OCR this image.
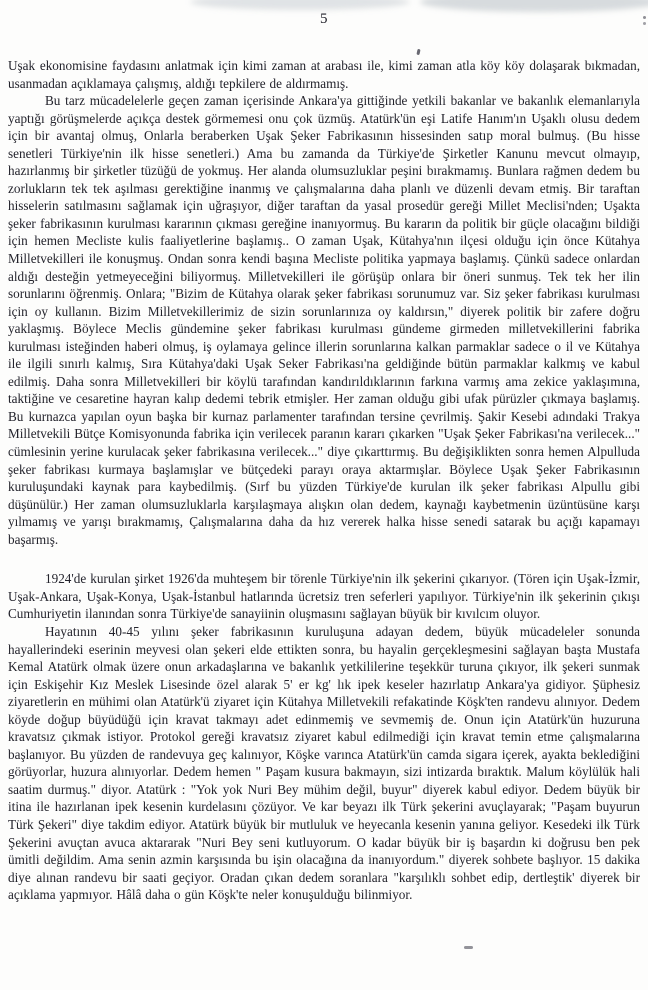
5

Uşak ekonomisine faydasını anlatmak için kimi zaman at arabası ile, kimi zaman atla köy köy dolaşarak bıkmadan, usanmadan açıklamaya çalışmış, aldığı tepkilere de aldırmamış.

Bu tarz mücadelelerle geçen zaman içerisinde Ankara'ya gittiğinde yetkili bakanlar ve bakanlık elemanlarıyla yaptığı görüşmelerde açıkça destek görmemesi onu çok üzmüş. Atatürk'ün eşi Latife Hanım'ın Uşaklı olusu dedem için bir avantaj olmuş, Onlarla beraberken Uşak Şeker Fabrikasının hissesinden satıp moral bulmuş. (Bu hisse senetleri Türkiye'nin ilk hisse senetleri.) Ama bu zamanda da Türkiye'de Şirketler Kanunu mevcut olmayıp, hazırlanmış bir şirketler tüzüğü de yokmuş. Her alanda olumsuzluklar peşini bırakmamış. Bunlara rağmen dedem bu zorlukların tek tek aşılması gerektiğine inanmış ve çalışmalarına daha planlı ve düzenli devam etmiş. Bir taraftan hisselerin satılmasını sağlamak için uğraşıyor, diğer taraftan da yasal prosedür gereği Millet Meclisi'nden; Uşakta şeker fabrikasının kurulması kararının çıkması gereğine inanıyormuş. Bu kararın da politik bir güçle olacağını bildiği için hemen Mecliste kulis faaliyetlerine başlamış.. O zaman Uşak, Kütahya'nın ilçesi olduğu için önce Kütahya Milletvekilleri ile konuşmuş. Ondan sonra kendi başına Mecliste politika yapmaya başlamış. Çünkü sadece onlardan aldığı desteğin yetmeyeceğini biliyormuş. Milletvekilleri ile görüşüp onlara bir öneri sunmuş. Tek tek her ilin sorunlarını öğrenmiş. Onlara; "Bizim de Kütahya olarak şeker fabrikası sorunumuz var. Siz şeker fabrikası kurulması için oy kullanın. Bizim Milletvekillerimiz de sizin sorunlarınıza oy kaldırsın," diyerek politik bir zafere doğru yaklaşmış. Böylece Meclis gündemine şeker fabrikası kurulması gündeme girmeden milletvekillerini fabrika kurulması isteğinden haberi olmuş, iş oylamaya gelince illerin sorunlarına kalkan parmaklar sadece o il ve Kütahya ile ilgili sınırlı kalmış, Sıra Kütahya'daki Uşak Seker Fabrikası'na geldiğinde bütün parmaklar kalkmış ve kabul edilmiş. Daha sonra Milletvekilleri bir köylü tarafından kandırıldıklarının farkına varmış ama zekice yaklaşımına, taktiğine ve cesaretine hayran kalıp dedemi tebrik etmişler. Her zaman olduğu gibi ufak pürüzler çıkmaya başlamış. Bu kurnazca yapılan oyun başka bir kurnaz parlamenter tarafından tersine çevrilmiş. Şakir Kesebi adındaki Trakya Milletvekili Bütçe Komisyonunda fabrika için verilecek paranın kararı çıkarken "Uşak Şeker Fabrikası'na verilecek..." cümlesinin yerine kurulacak şeker fabrikasına verilecek..." diye çıkarttırmış. Bu değişiklikten sonra hemen Alpulluda şeker fabrikası kurmaya başlamışlar ve bütçedeki parayı oraya aktarmışlar. Böylece Uşak Şeker Fabrikasının kuruluşundaki kaynak para kaybedilmiş. (Sırf bu yüzden Türkiye'de kurulan ilk şeker fabrikası Alpullu gibi düşünülür.) Her zaman olumsuzluklarla karşılaşmaya alışkın olan dedem, kaynağı kaybetmenin üzüntüsüne karşı yılmamış ve yarışı bırakmamış, Çalışmalarına daha da hız vererek halka hisse senedi satarak bu açığı kapamayı başarmış.

1924'de kurulan şirket 1926'da muhteşem bir törenle Türkiye'nin ilk şekerini çıkarıyor. (Tören için Uşak-İzmir, Uşak-Ankara, Uşak-Konya, Uşak-İstanbul hatlarında ücretsiz tren seferleri yapılıyor. Türkiye'nin ilk şekerinin çıkışı Cumhuriyetin ilanından sonra Türkiye'de sanayiinin oluşmasını sağlayan büyük bir kıvılcım oluyor.

Hayatının 40-45 yılını şeker fabrikasının kuruluşuna adayan dedem, büyük mücadeleler sonunda hayallerindeki eserinin meyvesi olan şekeri elde ettikten sonra, bu hayalin gerçekleşmesini sağlayan başta Mustafa Kemal Atatürk olmak üzere onun arkadaşlarına ve bakanlık yetkililerine teşekkür turuna çıkıyor, ilk şekeri sunmak için Eskişehir Kız Meslek Lisesinde özel alarak 5' er kg' lık ipek keseler hazırlatıp Ankara'ya gidiyor. Şüphesiz ziyaretlerin en mühimi olan Atatürk'ü ziyaret için Kütahya Milletvekili refakatinde Köşk'ten randevu alınıyor. Dedem köyde doğup büyüdüğü için kravat takmayı adet edinmemiş ve sevmemiş de. Onun için Atatürk'ün huzuruna kravatsız çıkmak istiyor. Protokol gereği kravatsız ziyaret kabul edilmediği için kravat temin etme çalışmalarına başlanıyor. Bu yüzden de randevuya geç kalınıyor, Köşke varınca Atatürk'ün camda sigara içerek, ayakta beklediğini görüyorlar, huzura alınıyorlar. Dedem hemen " Paşam kusura bakmayın, sizi intizarda bıraktık. Malum köylülük hali saatim durmuş." diyor. Atatürk : "Yok yok Nuri Bey mühim değil, buyur" diyerek kabul ediyor. Dedem büyük bir itina ile hazırlanan ipek kesenin kurdelasını çözüyor. Ve kar beyazı ilk Türk şekerini avuçlayarak; "Paşam buyurun Türk Şekeri" diye takdim ediyor. Atatürk büyük bir mutluluk ve heyecanla kesenin yanına geliyor. Kesedeki ilk Türk Şekerini avuçtan avuca aktararak "Nuri Bey seni kutluyorum. O kadar büyük bir iş başardın ki doğrusu ben pek ümitli değildim. Ama senin azmin karşısında bu işin olacağına da inanıyordum." diyerek sohbete başlıyor. 15 dakika diye alınan randevu bir saati geçiyor. Oradan çıkan dedem soranlara "karşılıklı sohbet edip, dertleştik' diyerek bir açıklama yapmıyor. Hâlâ daha o gün Köşk'te neler konuşulduğu bilinmiyor.
